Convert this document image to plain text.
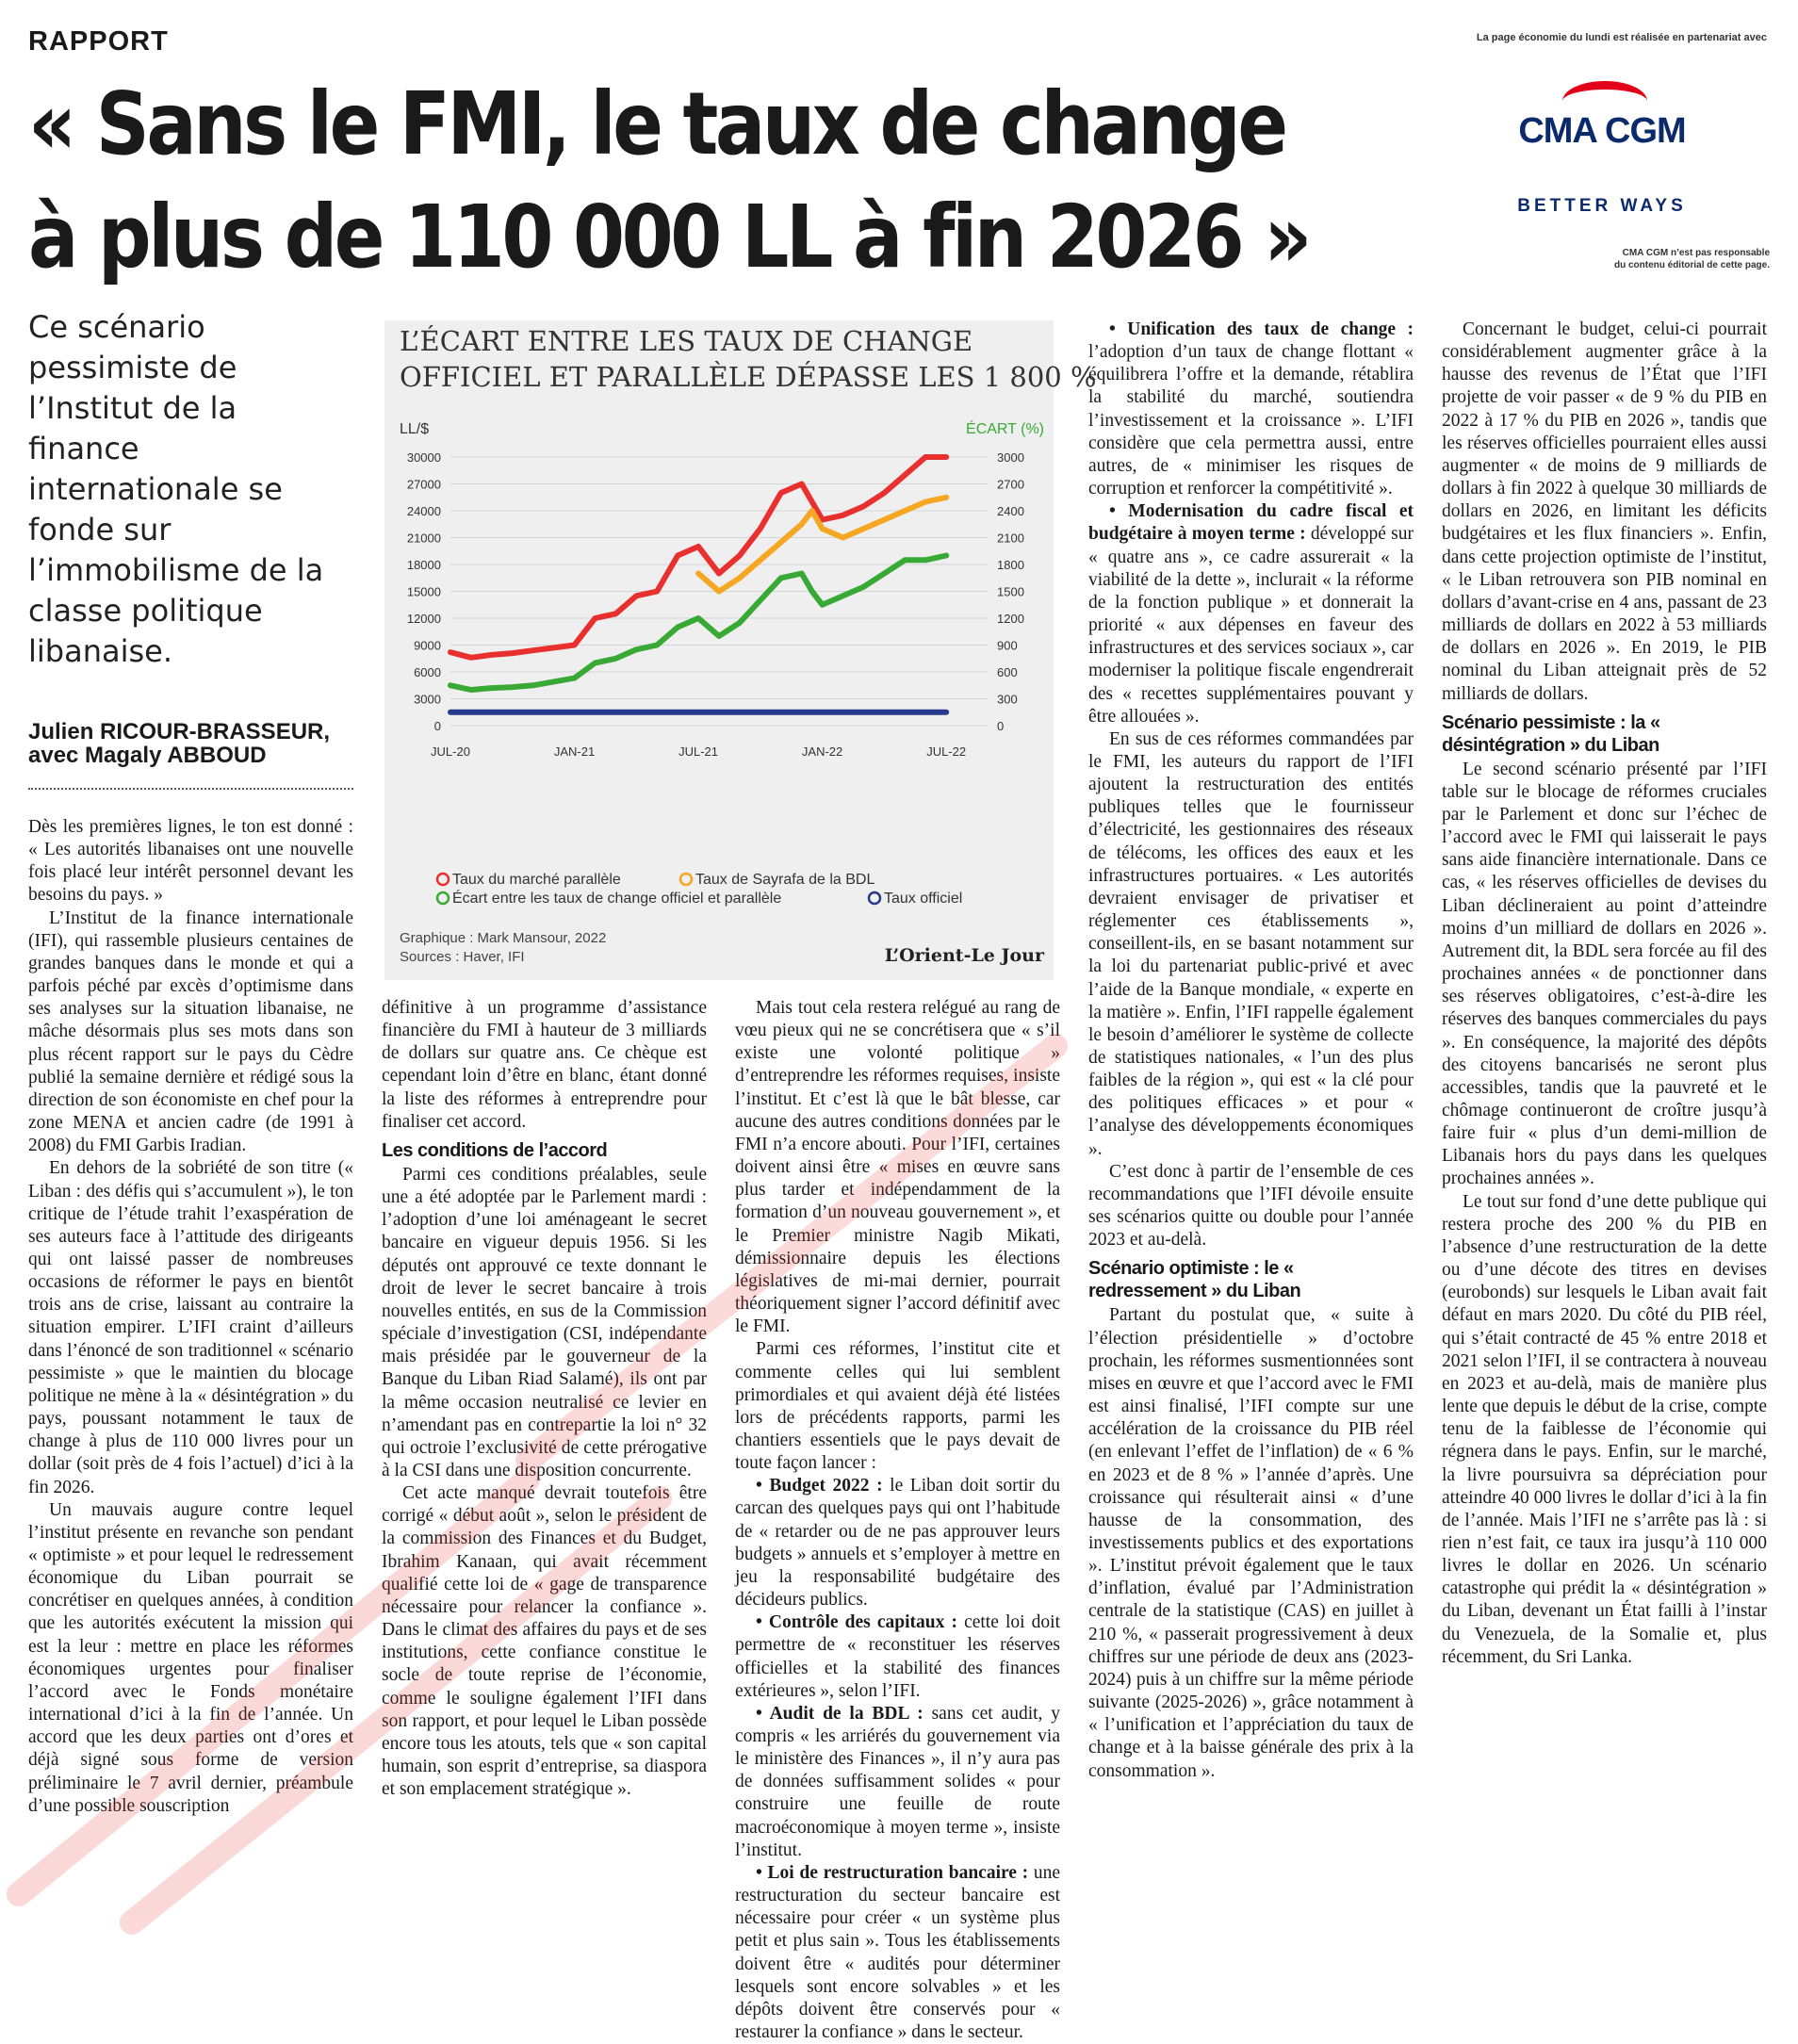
RAPPORT
« Sans le FMI, le taux de change
à plus de 110 000 LL à fin 2026 »
La page économie du lundi est réalisée en partenariat avec
CMA CGM
BETTER WAYS
CMA CGM n’est pas responsable
du contenu éditorial de cette page.
Ce scénario pessimiste de l’Institut de la finance internationale se fonde sur l’immobilisme de la classe politique libanaise.
Julien RICOUR-BRASSEUR,
avec Magaly ABBOUD
L’ÉCART ENTRE LES TAUX DE CHANGE
OFFICIEL ET PARALLÈLE DÉPASSE LES 1 800 %
LL/$	ÉCART (%)
30000	3000
27000	2700
24000	2400
21000	2100
18000	1800
15000	1500
12000	1200
9000	900
6000	600
3000	300
0	0
JUL-20	JAN-21	JUL-21	JAN-22	JUL-22
Taux du marché parallèle	Taux de Sayrafa de la BDL
Écart entre les taux de change officiel et parallèle	Taux officiel
Graphique : Mark Mansour, 2022
Sources : Haver, IFI	L’Orient-Le Jour

Dès les premières lignes, le ton est donné : « Les autorités libanaises ont une nouvelle fois placé leur intérêt personnel devant les besoins du pays. »

L’Institut de la finance internationale (IFI), qui rassemble plusieurs centaines de grandes banques dans le monde et qui a parfois péché par excès d’optimisme dans ses analyses sur la situation libanaise, ne mâche désormais plus ses mots dans son plus récent rapport sur le pays du Cèdre publié la semaine dernière et rédigé sous la direction de son économiste en chef pour la zone MENA et ancien cadre (de 1991 à 2008) du FMI Garbis Iradian.

En dehors de la sobriété de son titre (« Liban : des défis qui s’accumulent »), le ton critique de l’étude trahit l’exaspération de ses auteurs face à l’attitude des dirigeants qui ont laissé passer de nombreuses occasions de réformer le pays en bientôt trois ans de crise, laissant au contraire la situation empirer. L’IFI craint d’ailleurs dans l’énoncé de son traditionnel « scénario pessimiste » que le maintien du blocage politique ne mène à la « désintégration » du pays, poussant notamment le taux de change à plus de 110 000 livres pour un dollar (soit près de 4 fois l’actuel) d’ici à la fin 2026.

Un mauvais augure contre lequel l’institut présente en revanche son pendant « optimiste » et pour lequel le redressement économique du Liban pourrait se concrétiser en quelques années, à condition que les autorités exécutent la mission qui est la leur : mettre en place les réformes économiques urgentes pour finaliser l’accord avec le Fonds monétaire international d’ici à la fin de l’année. Un accord que les deux parties ont d’ores et déjà signé sous forme de version préliminaire le 7 avril dernier, préambule d’une possible souscription

définitive à un programme d’assistance financière du FMI à hauteur de 3 milliards de dollars sur quatre ans. Ce chèque est cependant loin d’être en blanc, étant donné la liste des réformes à entreprendre pour finaliser cet accord.

Les conditions de l’accord

Parmi ces conditions préalables, seule une a été adoptée par le Parlement mardi : l’adoption d’une loi aménageant le secret bancaire en vigueur depuis 1956. Si les députés ont approuvé ce texte donnant le droit de lever le secret bancaire à trois nouvelles entités, en sus de la Commission spéciale d’investigation (CSI, indépendante mais présidée par le gouverneur de la Banque du Liban Riad Salamé), ils ont par la même occasion neutralisé ce levier en n’amendant pas en contrepartie la loi n° 32 qui octroie l’exclusivité de cette prérogative à la CSI dans une disposition concurrente.

Cet acte manqué devrait toutefois être corrigé « début août », selon le président de la commission des Finances et du Budget, Ibrahim Kanaan, qui avait récemment qualifié cette loi de « gage de transparence nécessaire pour relancer la confiance ». Dans le climat des affaires du pays et de ses institutions, cette confiance constitue le socle de toute reprise de l’économie, comme le souligne également l’IFI dans son rapport, et pour lequel le Liban possède encore tous les atouts, tels que « son capital humain, son esprit d’entreprise, sa diaspora et son emplacement stratégique ».

Mais tout cela restera relégué au rang de vœu pieux qui ne se concrétisera que « s’il existe une volonté politique » d’entreprendre les réformes requises, insiste l’institut. Et c’est là que le bât blesse, car aucune des autres conditions données par le FMI n’a encore abouti. Pour l’IFI, certaines doivent ainsi être « mises en œuvre sans plus tarder et indépendamment de la formation d’un nouveau gouvernement », et le Premier ministre Nagib Mikati, démissionnaire depuis les élections législatives de mi-mai dernier, pourrait théoriquement signer l’accord définitif avec le FMI.

Parmi ces réformes, l’institut cite et commente celles qui lui semblent primordiales et qui avaient déjà été listées lors de précédents rapports, parmi les chantiers essentiels que le pays devait de toute façon lancer :

• Budget 2022 : le Liban doit sortir du carcan des quelques pays qui ont l’habitude de « retarder ou de ne pas approuver leurs budgets » annuels et s’employer à mettre en jeu la responsabilité budgétaire des décideurs publics.

• Contrôle des capitaux : cette loi doit permettre de « reconstituer les réserves officielles et la stabilité des finances extérieures », selon l’IFI.

• Audit de la BDL : sans cet audit, y compris « les arriérés du gouvernement via le ministère des Finances », il n’y aura pas de données suffisamment solides « pour construire une feuille de route macroéconomique à moyen terme », insiste l’institut.

• Loi de restructuration bancaire : une restructuration du secteur bancaire est nécessaire pour créer « un système plus petit et plus sain ». Tous les établissements doivent être « audités pour déterminer lesquels sont encore solvables » et les dépôts doivent être conservés pour « restaurer la confiance » dans le secteur.

• Unification des taux de change : l’adoption d’un taux de change flottant « équilibrera l’offre et la demande, rétablira la stabilité du marché, soutiendra l’investissement et la croissance ». L’IFI considère que cela permettra aussi, entre autres, de « minimiser les risques de corruption et renforcer la compétitivité ».

• Modernisation du cadre fiscal et budgétaire à moyen terme : développé sur « quatre ans », ce cadre assurerait « la viabilité de la dette », inclurait « la réforme de la fonction publique » et donnerait la priorité « aux dépenses en faveur des infrastructures et des services sociaux », car moderniser la politique fiscale engendrerait des « recettes supplémentaires pouvant y être allouées ».

En sus de ces réformes commandées par le FMI, les auteurs du rapport de l’IFI ajoutent la restructuration des entités publiques telles que le fournisseur d’électricité, les gestionnaires des réseaux de télécoms, les offices des eaux et les infrastructures portuaires. « Les autorités devraient envisager de privatiser et réglementer ces établissements », conseillent-ils, en se basant notamment sur la loi du partenariat public-privé et avec l’aide de la Banque mondiale, « experte en la matière ». Enfin, l’IFI rappelle également le besoin d’améliorer le système de collecte de statistiques nationales, « l’un des plus faibles de la région », qui est « la clé pour des politiques efficaces » et pour « l’analyse des développements économiques ».

C’est donc à partir de l’ensemble de ces recommandations que l’IFI dévoile ensuite ses scénarios quitte ou double pour l’année 2023 et au-delà.

Scénario optimiste : le « redressement » du Liban

Partant du postulat que, « suite à l’élection présidentielle » d’octobre prochain, les réformes susmentionnées sont mises en œuvre et que l’accord avec le FMI est ainsi finalisé, l’IFI compte sur une accélération de la croissance du PIB réel (en enlevant l’effet de l’inflation) de « 6 % en 2023 et de 8 % » l’année d’après. Une croissance qui résulterait ainsi « d’une hausse de la consommation, des investissements publics et des exportations ». L’institut prévoit également que le taux d’inflation, évalué par l’Administration centrale de la statistique (CAS) en juillet à 210 %, « passerait progressivement à deux chiffres sur une période de deux ans (2023-2024) puis à un chiffre sur la même période suivante (2025-2026) », grâce notamment à « l’unification et l’appréciation du taux de change et à la baisse générale des prix à la consommation ».

Concernant le budget, celui-ci pourrait considérablement augmenter grâce à la hausse des revenus de l’État que l’IFI projette de voir passer « de 9 % du PIB en 2022 à 17 % du PIB en 2026 », tandis que les réserves officielles pourraient elles aussi augmenter « de moins de 9 milliards de dollars à fin 2022 à quelque 30 milliards de dollars en 2026, en limitant les déficits budgétaires et les flux financiers ». Enfin, dans cette projection optimiste de l’institut, « le Liban retrouvera son PIB nominal en dollars d’avant-crise en 4 ans, passant de 23 milliards de dollars en 2022 à 53 milliards de dollars en 2026 ». En 2019, le PIB nominal du Liban atteignait près de 52 milliards de dollars.

Scénario pessimiste : la « désintégration » du Liban

Le second scénario présenté par l’IFI table sur le blocage de réformes cruciales par le Parlement et donc sur l’échec de l’accord avec le FMI qui laisserait le pays sans aide financière internationale. Dans ce cas, « les réserves officielles de devises du Liban déclineraient au point d’atteindre moins d’un milliard de dollars en 2026 ». Autrement dit, la BDL sera forcée au fil des prochaines années « de ponctionner dans ses réserves obligatoires, c’est-à-dire les réserves des banques commerciales du pays ». En conséquence, la majorité des dépôts des citoyens bancarisés ne seront plus accessibles, tandis que la pauvreté et le chômage continueront de croître jusqu’à faire fuir « plus d’un demi-million de Libanais hors du pays dans les quelques prochaines années ».

Le tout sur fond d’une dette publique qui restera proche des 200 % du PIB en l’absence d’une restructuration de la dette ou d’une décote des titres en devises (eurobonds) sur lesquels le Liban avait fait défaut en mars 2020. Du côté du PIB réel, qui s’était contracté de 45 % entre 2018 et 2021 selon l’IFI, il se contractera à nouveau en 2023 et au-delà, mais de manière plus lente que depuis le début de la crise, compte tenu de la faiblesse de l’économie qui régnera dans le pays. Enfin, sur le marché, la livre poursuivra sa dépréciation pour atteindre 40 000 livres le dollar d’ici à la fin de l’année. Mais l’IFI ne s’arrête pas là : si rien n’est fait, ce taux ira jusqu’à 110 000 livres le dollar en 2026. Un scénario catastrophe qui prédit la « désintégration » du Liban, devenant un État failli à l’instar du Venezuela, de la Somalie et, plus récemment, du Sri Lanka.
